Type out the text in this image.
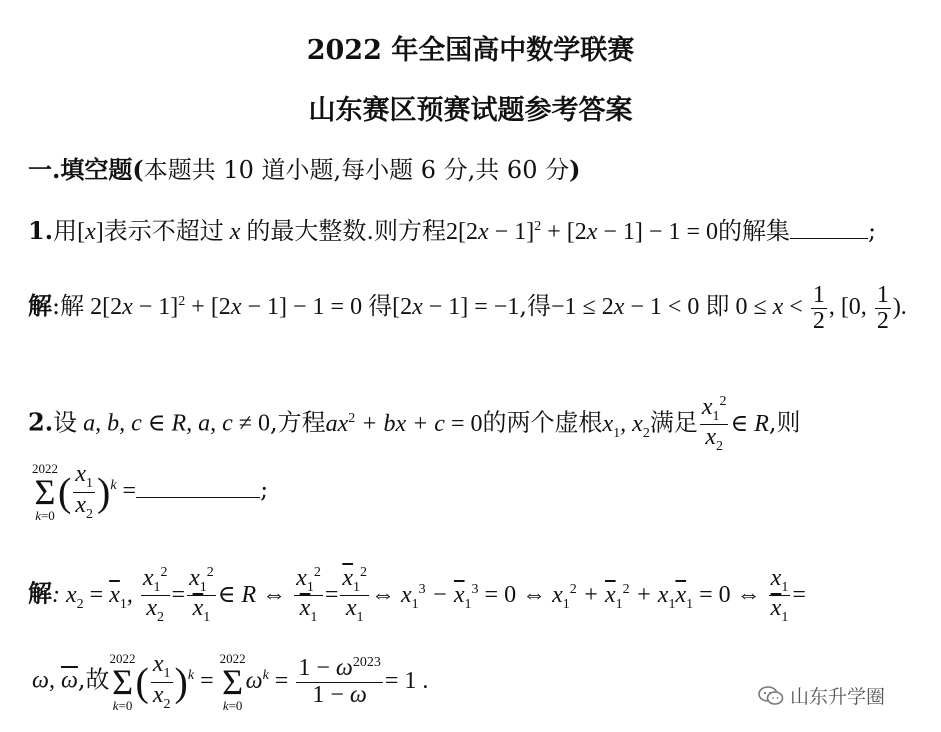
2022 年全国高中数学联赛
山东赛区预赛试题参考答案
一.填空题(本题共 10 道小题,每小题 6 分,共 60 分)
1.用[x]表示不超过 x 的最大整数.则方程$2[2x - 1]^2 + [2x - 1] - 1 = 0$的解集	;
解:解 $2[2x - 1]^2 + [2x - 1] - 1 = 0$ 得[2x − 1] = −1,得−1 ≤ 2x − 1 < 0 即 $0 \le x < \frac{1}{2}$ , [0, $\frac{1}{2}$ ).
2.设 a, b, c ∈ R, a, c ≠ 0,方程$ax^2$ + bx + c = 0的两个虚根$x_1$, $x_2$满足 $\frac{x_1^2}{x_2}$ ∈ R,则
2022
Σ
$k=0( \frac{x_1}{x_2} )^k$ =	;
解: $x_2 = \overline{x}_1$, $\frac{x_1^2}{x_2} = \frac{x_1^2}{\overline{x}_1}$ ∈ R ⇔ $\frac{x_1^2}{\overline{x}_1} = \frac{\overline{x}_1^2}{x_1}$ ⇔ $x_1^3 - \overline{x}_1^3 = 0$ ⇔ $x_1^2 + \overline{x}_1^2 + x_1\overline{x}_1 = 0$ ⇔ $\frac{x_1}{\overline{x}_1}$ =
ω, $\overline{\omega}$,故2022
Σ
$k=0( \frac{x_1}{x_2} )^k = 2022$
Σ
$k=0\omega^k = \frac{1 - \omega^{2023}}{1 - \omega} = 1$ .
山东升学圈
